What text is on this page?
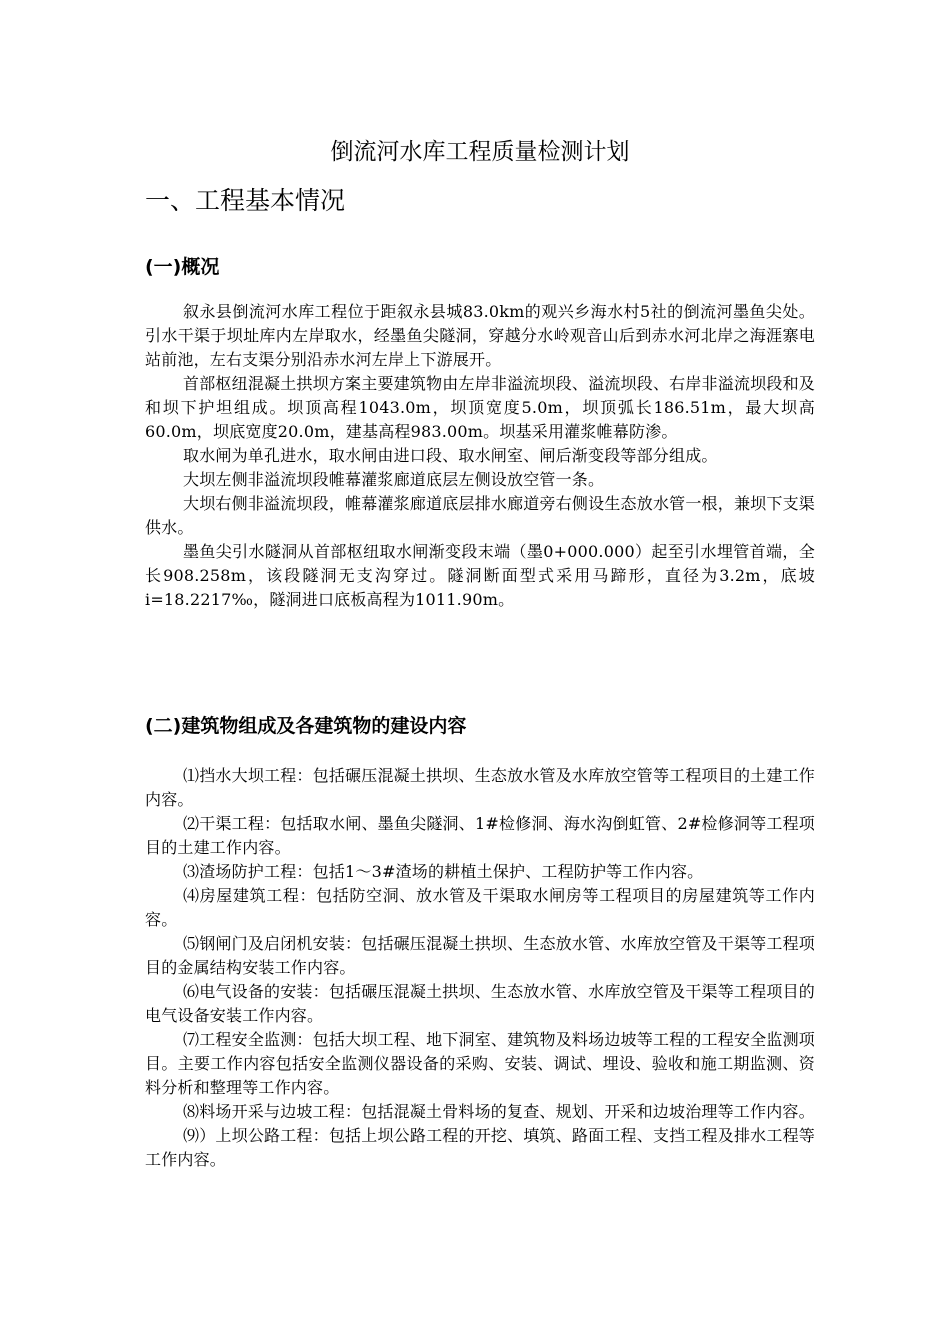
倒流河水库工程质量检测计划
一、工程基本情况
(一)概况

叙永县倒流河水库工程位于距叙永县城83.0km的观兴乡海水村5社的倒流河墨鱼尖处。引水干渠于坝址库内左岸取水，经墨鱼尖隧洞，穿越分水岭观音山后到赤水河北岸之海涯寨电站前池，左右支渠分别沿赤水河左岸上下游展开。

首部枢纽混凝土拱坝方案主要建筑物由左岸非溢流坝段、溢流坝段、右岸非溢流坝段和及和坝下护坦组成。坝顶高程1043.0m，坝顶宽度5.0m，坝顶弧长186.51m，最大坝高60.0m，坝底宽度20.0m，建基高程983.00m。坝基采用灌浆帷幕防渗。

取水闸为单孔进水，取水闸由进口段、取水闸室、闸后渐变段等部分组成。

大坝左侧非溢流坝段帷幕灌浆廊道底层左侧设放空管一条。

大坝右侧非溢流坝段，帷幕灌浆廊道底层排水廊道旁右侧设生态放水管一根，兼坝下支渠供水。

墨鱼尖引水隧洞从首部枢纽取水闸渐变段末端（墨0+000.000）起至引水埋管首端，全长908.258m，该段隧洞无支沟穿过。隧洞断面型式采用马蹄形，直径为3.2m，底坡i=18.2217‰，隧洞进口底板高程为1011.90m。

(二)建筑物组成及各建筑物的建设内容

⑴挡水大坝工程：包括碾压混凝土拱坝、生态放水管及水库放空管等工程项目的土建工作内容。

⑵干渠工程：包括取水闸、墨鱼尖隧洞、1#检修洞、海水沟倒虹管、2#检修洞等工程项目的土建工作内容。

⑶渣场防护工程：包括1～3#渣场的耕植土保护、工程防护等工作内容。

⑷房屋建筑工程：包括防空洞、放水管及干渠取水闸房等工程项目的房屋建筑等工作内容。

⑸钢闸门及启闭机安装：包括碾压混凝土拱坝、生态放水管、水库放空管及干渠等工程项目的金属结构安装工作内容。

⑹电气设备的安装：包括碾压混凝土拱坝、生态放水管、水库放空管及干渠等工程项目的电气设备安装工作内容。

⑺工程安全监测：包括大坝工程、地下洞室、建筑物及料场边坡等工程的工程安全监测项目。主要工作内容包括安全监测仪器设备的采购、安装、调试、埋设、验收和施工期监测、资料分析和整理等工作内容。

⑻料场开采与边坡工程：包括混凝土骨料场的复查、规划、开采和边坡治理等工作内容。

⑼）上坝公路工程：包括上坝公路工程的开挖、填筑、路面工程、支挡工程及排水工程等工作内容。
